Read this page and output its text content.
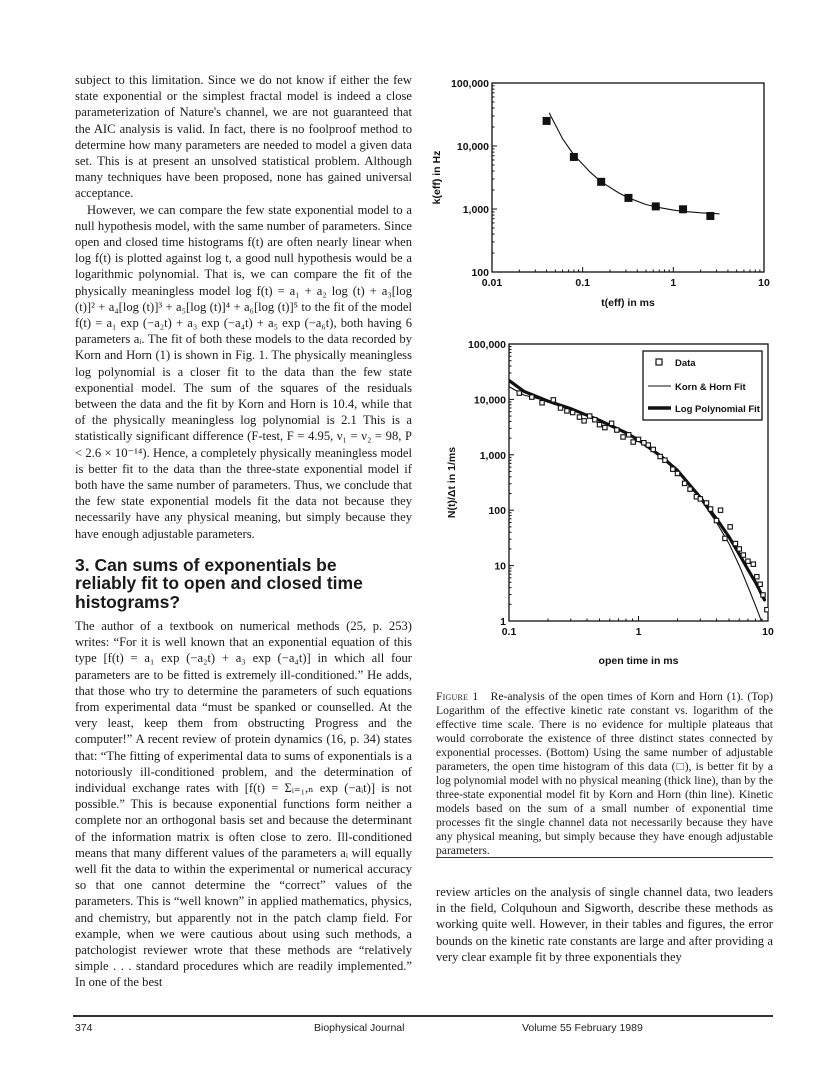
subject to this limitation. Since we do not know if either the few state exponential or the simplest fractal model is indeed a close parameterization of Nature's channel, we are not guaranteed that the AIC analysis is valid. In fact, there is no foolproof method to determine how many parameters are needed to model a given data set. This is at present an unsolved statistical problem. Although many techniques have been proposed, none has gained universal acceptance.

However, we can compare the few state exponential model to a null hypothesis model, with the same number of parameters. Since open and closed time histograms f(t) are often nearly linear when log f(t) is plotted against log t, a good null hypothesis would be a logarithmic polynomial. That is, we can compare the fit of the physically meaningless model log f(t) = a₁ + a₂ log (t) + a₃[log (t)]² + a₄[log (t)]³ + a₅[log (t)]⁴ + a₆[log (t)]⁵ to the fit of the model f(t) = a₁ exp (−a₂t) + a₃ exp (−a₄t) + a₅ exp (−a₆t), both having 6 parameters aᵢ. The fit of both these models to the data recorded by Korn and Horn (1) is shown in Fig. 1. The physically meaningless log polynomial is a closer fit to the data than the few state exponential model. The sum of the squares of the residuals between the data and the fit by Korn and Horn is 10.4, while that of the physically meaningless log polynomial is 2.1 This is a statistically significant difference (F-test, F = 4.95, ν₁ = ν₂ = 98, P < 2.6 × 10⁻¹⁴). Hence, a completely physically meaningless model is better fit to the data than the three-state exponential model if both have the same number of parameters. Thus, we conclude that the few state exponential models fit the data not because they necessarily have any physical meaning, but simply because they have enough adjustable parameters.

3. Can sums of exponentials be reliably fit to open and closed time histograms?

The author of a textbook on numerical methods (25, p. 253) writes: “For it is well known that an exponential equation of this type [f(t) = a₁ exp (−a₂t) + a₃ exp (−a₄t)] in which all four parameters are to be fitted is extremely ill-conditioned.” He adds, that those who try to determine the parameters of such equations from experimental data “must be spanked or counselled. At the very least, keep them from obstructing Progress and the computer!” A recent review of protein dynamics (16, p. 34) states that: “The fitting of experimental data to sums of exponentials is a notoriously ill-conditioned problem, and the determination of individual exchange rates with [f(t) = Σᵢ₌₁,ₙ exp (−aᵢt)] is not possible.” This is because exponential functions form neither a complete nor an orthogonal basis set and because the determinant of the information matrix is often close to zero. Ill-conditioned means that many different values of the parameters aᵢ will equally well fit the data to within the experimental or numerical accuracy so that one cannot determine the “correct” values of the parameters. This is “well known” in applied mathematics, physics, and chemistry, but apparently not in the patch clamp field. For example, when we were cautious about using such methods, a patchologist reviewer wrote that these methods are “relatively simple . . . standard procedures which are readily implemented.” In one of the best

0.01	0.1	1	10
100
1,000
10,000
100,000
t(eff) in ms
k(eff) in Hz
0.1	1	10
1
10
100
1,000
10,000
100,000
open time in ms
N(t)/Δt in 1/ms
Data
Korn & Horn Fit
Log Polynomial Fit
Figure 1 Re-analysis of the open times of Korn and Horn (1). (Top) Logarithm of the effective kinetic rate constant vs. logarithm of the effective time scale. There is no evidence for multiple plateaus that would corroborate the existence of three distinct states connected by exponential processes. (Bottom) Using the same number of adjustable parameters, the open time histogram of this data (□), is better fit by a log polynomial model with no physical meaning (thick line), than by the three-state exponential model fit by Korn and Horn (thin line). Kinetic models based on the sum of a small number of exponential time processes fit the single channel data not necessarily because they have any physical meaning, but simply because they have enough adjustable parameters.

review articles on the analysis of single channel data, two leaders in the field, Colquhoun and Sigworth, describe these methods as working quite well. However, in their tables and figures, the error bounds on the kinetic rate constants are large and after providing a very clear example fit by three exponentials they

374	Biophysical Journal	Volume 55 February 1989
